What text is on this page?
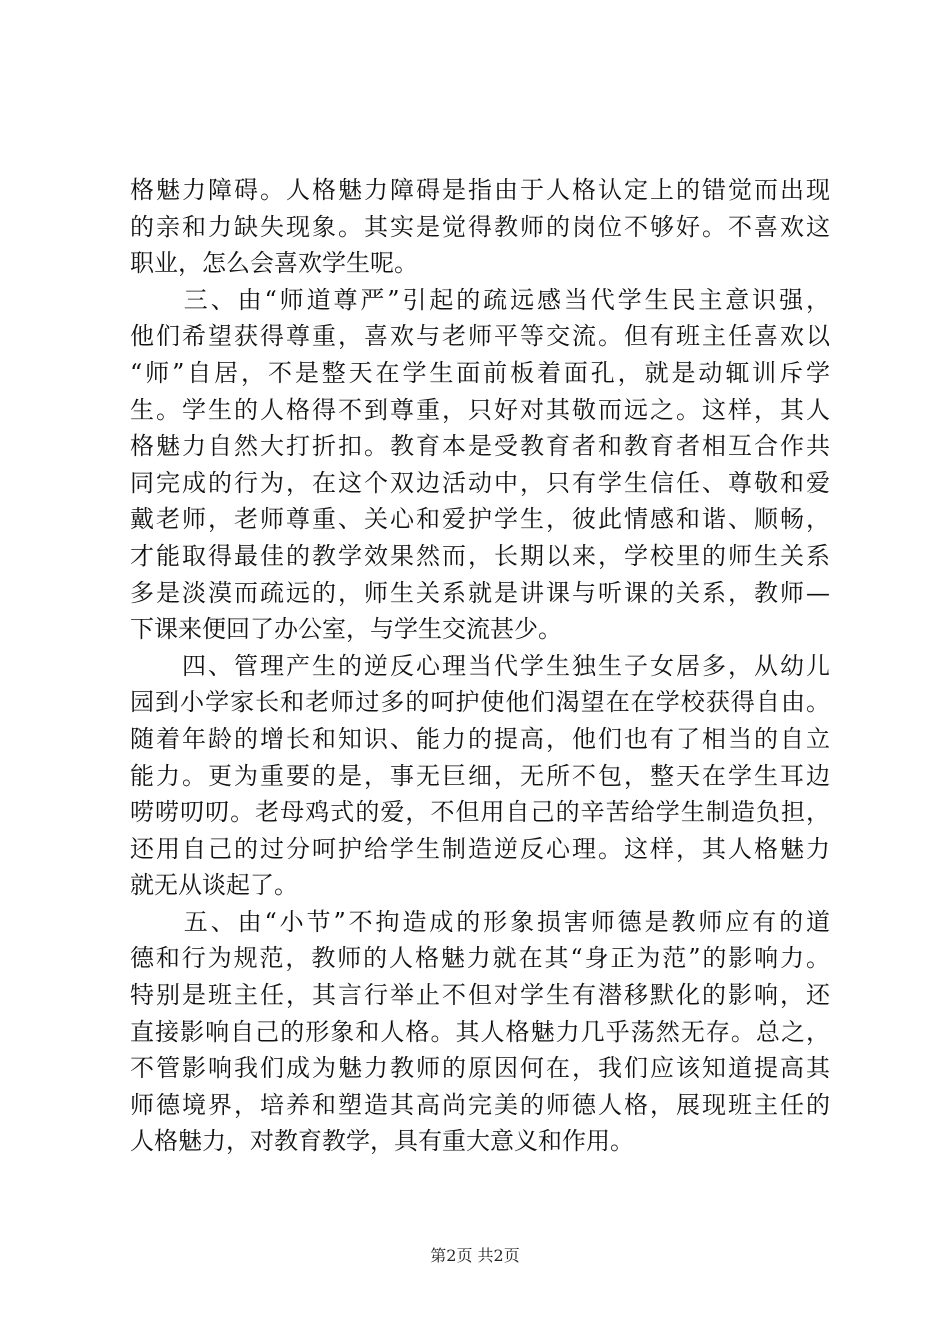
格魅力障碍。人格魅力障碍是指由于人格认定上的错觉而出现
的亲和力缺失现象。其实是觉得教师的岗位不够好。不喜欢这
职业，怎么会喜欢学生呢。
　　三、由“师道尊严”引起的疏远感当代学生民主意识强，
他们希望获得尊重，喜欢与老师平等交流。但有班主任喜欢以
“师”自居，不是整天在学生面前板着面孔，就是动辄训斥学
生。学生的人格得不到尊重，只好对其敬而远之。这样，其人
格魅力自然大打折扣。教育本是受教育者和教育者相互合作共
同完成的行为，在这个双边活动中，只有学生信任、尊敬和爱
戴老师，老师尊重、关心和爱护学生，彼此情感和谐、顺畅，
才能取得最佳的教学效果然而，长期以来，学校里的师生关系
多是淡漠而疏远的，师生关系就是讲课与听课的关系，教师—
下课来便回了办公室，与学生交流甚少。
　　四、管理产生的逆反心理当代学生独生子女居多，从幼儿
园到小学家长和老师过多的呵护使他们渴望在在学校获得自由。
随着年龄的增长和知识、能力的提高，他们也有了相当的自立
能力。更为重要的是，事无巨细，无所不包，整天在学生耳边
唠唠叨叨。老母鸡式的爱，不但用自己的辛苦给学生制造负担，
还用自己的过分呵护给学生制造逆反心理。这样，其人格魅力
就无从谈起了。
　　五、由“小节”不拘造成的形象损害师德是教师应有的道
德和行为规范，教师的人格魅力就在其“身正为范”的影响力。
特别是班主任，其言行举止不但对学生有潜移默化的影响，还
直接影响自己的形象和人格。其人格魅力几乎荡然无存。总之，
不管影响我们成为魅力教师的原因何在，我们应该知道提高其
师德境界，培养和塑造其高尚完美的师德人格，展现班主任的
人格魅力，对教育教学，具有重大意义和作用。
第2页 共2页
